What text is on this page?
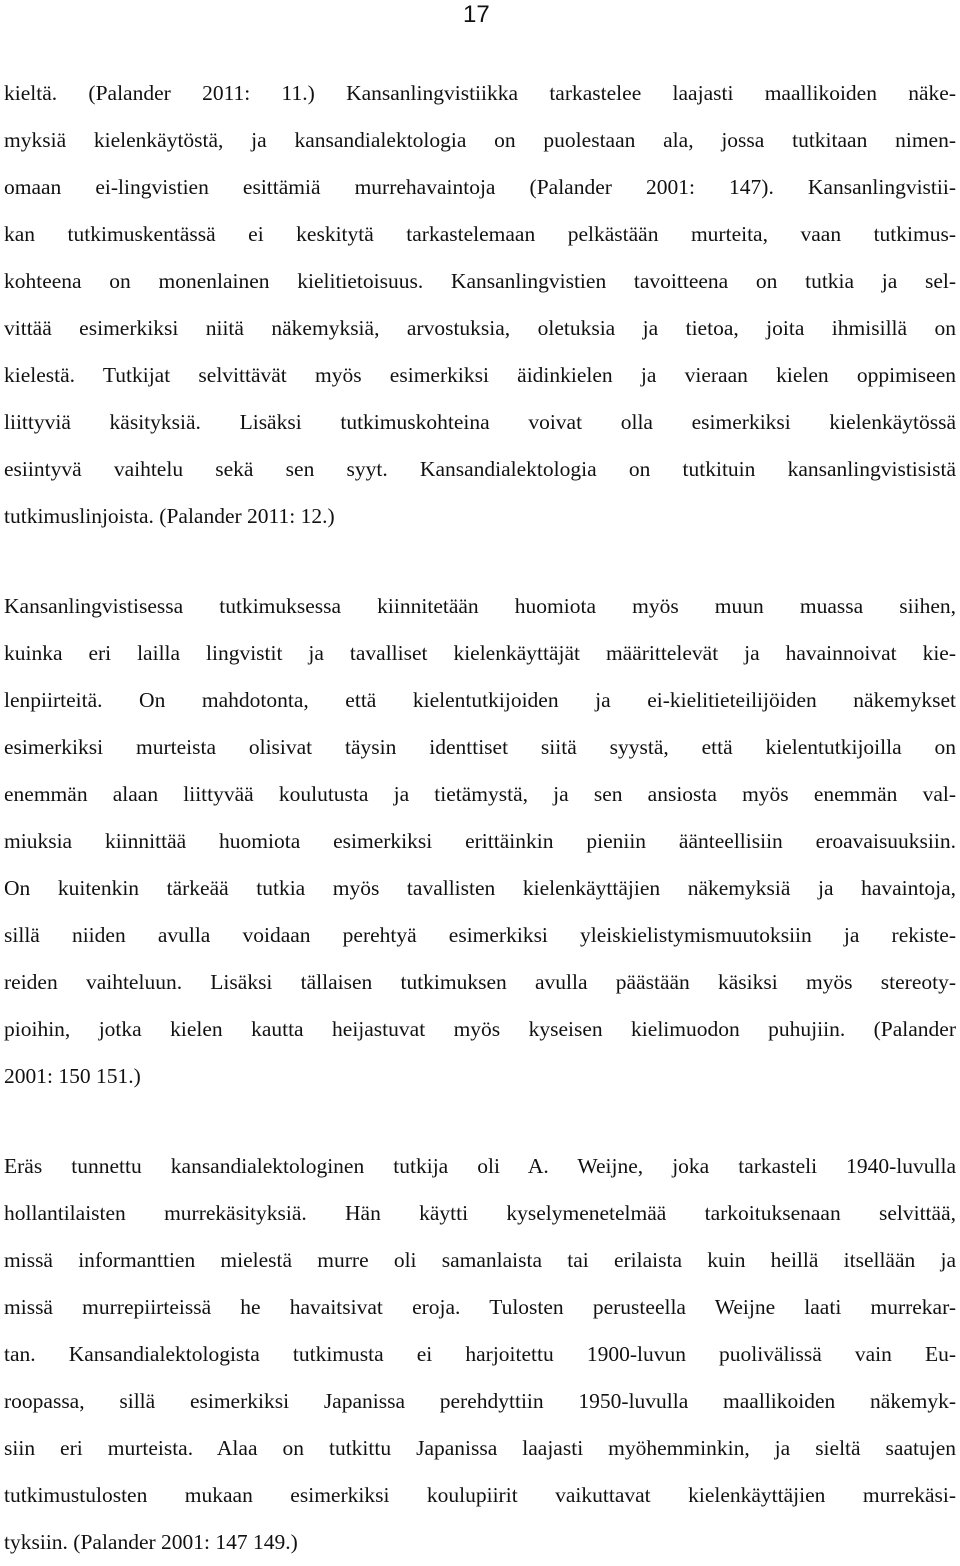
17
kieltä. (Palander 2011: 11.) Kansanlingvistiikka tarkastelee laajasti maallikoiden näke-
myksiä kielenkäytöstä, ja kansandialektologia on puolestaan ala, jossa tutkitaan nimen-
omaan ei-lingvistien esittämiä murrehavaintoja (Palander 2001: 147). Kansanlingvistii-
kan tutkimuskentässä ei keskitytä tarkastelemaan pelkästään murteita, vaan tutkimus-
kohteena on monenlainen kielitietoisuus. Kansanlingvistien tavoitteena on tutkia ja sel-
vittää esimerkiksi niitä näkemyksiä, arvostuksia, oletuksia ja tietoa, joita ihmisillä on
kielestä. Tutkijat selvittävät myös esimerkiksi äidinkielen ja vieraan kielen oppimiseen
liittyviä käsityksiä. Lisäksi tutkimuskohteina voivat olla esimerkiksi kielenkäytössä
esiintyvä vaihtelu sekä sen syyt. Kansandialektologia on tutkituin kansanlingvistisistä
tutkimuslinjoista. (Palander 2011: 12.)
Kansanlingvistisessa tutkimuksessa kiinnitetään huomiota myös muun muassa siihen,
kuinka eri lailla lingvistit ja tavalliset kielenkäyttäjät määrittelevät ja havainnoivat kie-
lenpiirteitä. On mahdotonta, että kielentutkijoiden ja ei-kielitieteilijöiden näkemykset
esimerkiksi murteista olisivat täysin identtiset siitä syystä, että kielentutkijoilla on
enemmän alaan liittyvää koulutusta ja tietämystä, ja sen ansiosta myös enemmän val-
miuksia kiinnittää huomiota esimerkiksi erittäinkin pieniin äänteellisiin eroavaisuuksiin.
On kuitenkin tärkeää tutkia myös tavallisten kielenkäyttäjien näkemyksiä ja havaintoja,
sillä niiden avulla voidaan perehtyä esimerkiksi yleiskielistymismuutoksiin ja rekiste-
reiden vaihteluun. Lisäksi tällaisen tutkimuksen avulla päästään käsiksi myös stereoty-
pioihin, jotka kielen kautta heijastuvat myös kyseisen kielimuodon puhujiin. (Palander
2001: 150 151.)
Eräs tunnettu kansandialektologinen tutkija oli A. Weijne, joka tarkasteli 1940-luvulla
hollantilaisten murrekäsityksiä. Hän käytti kyselymenetelmää tarkoituksenaan selvittää,
missä informanttien mielestä murre oli samanlaista tai erilaista kuin heillä itsellään ja
missä murrepiirteissä he havaitsivat eroja. Tulosten perusteella Weijne laati murrekar-
tan. Kansandialektologista tutkimusta ei harjoitettu 1900-luvun puolivälissä vain Eu-
roopassa, sillä esimerkiksi Japanissa perehdyttiin 1950-luvulla maallikoiden näkemyk-
siin eri murteista. Alaa on tutkittu Japanissa laajasti myöhemminkin, ja sieltä saatujen
tutkimustulosten mukaan esimerkiksi koulupiirit vaikuttavat kielenkäyttäjien murrekäsi-
tyksiin. (Palander 2001: 147 149.)
